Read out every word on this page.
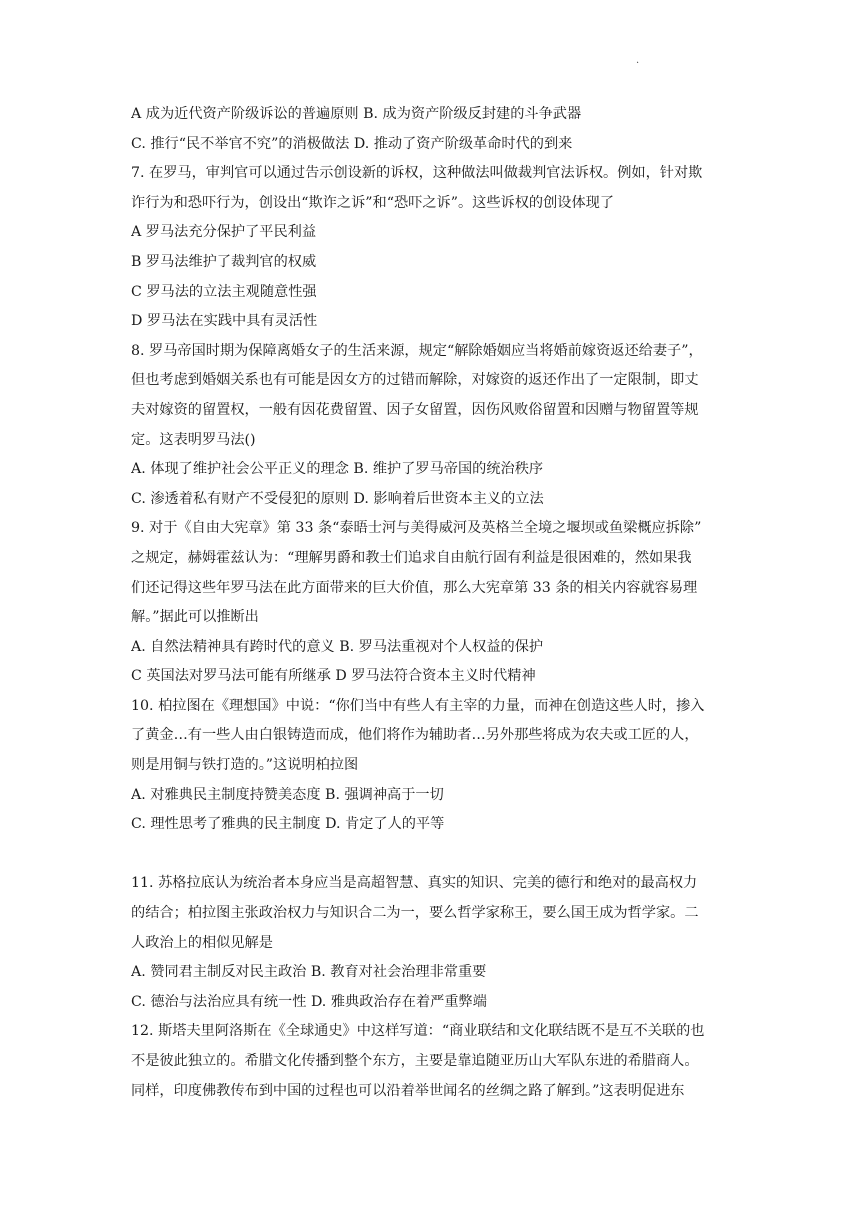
·
A 成为近代资产阶级诉讼的普遍原则 B. 成为资产阶级反封建的斗争武器
C. 推行“民不举官不究”的消极做法 D. 推动了资产阶级革命时代的到来
7. 在罗马，审判官可以通过告示创设新的诉权，这种做法叫做裁判官法诉权。例如，针对欺
诈行为和恐吓行为，创设出“欺诈之诉”和“恐吓之诉”。这些诉权的创设体现了
A 罗马法充分保护了平民利益
B 罗马法维护了裁判官的权威
C 罗马法的立法主观随意性强
D 罗马法在实践中具有灵活性
8. 罗马帝国时期为保障离婚女子的生活来源，规定“解除婚姻应当将婚前嫁资返还给妻子”，
但也考虑到婚姻关系也有可能是因女方的过错而解除，对嫁资的返还作出了一定限制，即丈
夫对嫁资的留置权，一般有因花费留置、因子女留置，因伤风败俗留置和因赠与物留置等规
定。这表明罗马法()
A. 体现了维护社会公平正义的理念 B. 维护了罗马帝国的统治秩序
C. 渗透着私有财产不受侵犯的原则 D. 影响着后世资本主义的立法
9. 对于《自由大宪章》第 33 条“泰晤士河与美得威河及英格兰全境之堰坝或鱼梁概应拆除”
之规定，赫姆霍兹认为：“理解男爵和教士们追求自由航行固有利益是很困难的，然如果我
们还记得这些年罗马法在此方面带来的巨大价值，那么大宪章第 33 条的相关内容就容易理
解。”据此可以推断出
A. 自然法精神具有跨时代的意义 B. 罗马法重视对个人权益的保护
C 英国法对罗马法可能有所继承 D 罗马法符合资本主义时代精神
10. 柏拉图在《理想国》中说：“你们当中有些人有主宰的力量，而神在创造这些人时，掺入
了黄金…有一些人由白银铸造而成，他们将作为辅助者…另外那些将成为农夫或工匠的人，
则是用铜与铁打造的。”这说明柏拉图
A. 对雅典民主制度持赞美态度 B. 强调神高于一切
C. 理性思考了雅典的民主制度 D. 肯定了人的平等
11. 苏格拉底认为统治者本身应当是高超智慧、真实的知识、完美的德行和绝对的最高权力
的结合；柏拉图主张政治权力与知识合二为一，要么哲学家称王，要么国王成为哲学家。二
人政治上的相似见解是
A. 赞同君主制反对民主政治 B. 教育对社会治理非常重要
C. 德治与法治应具有统一性 D. 雅典政治存在着严重弊端
12. 斯塔夫里阿洛斯在《全球通史》中这样写道：“商业联结和文化联结既不是互不关联的也
不是彼此独立的。希腊文化传播到整个东方，主要是靠追随亚历山大军队东进的希腊商人。
同样，印度佛教传布到中国的过程也可以沿着举世闻名的丝绸之路了解到。”这表明促进东
